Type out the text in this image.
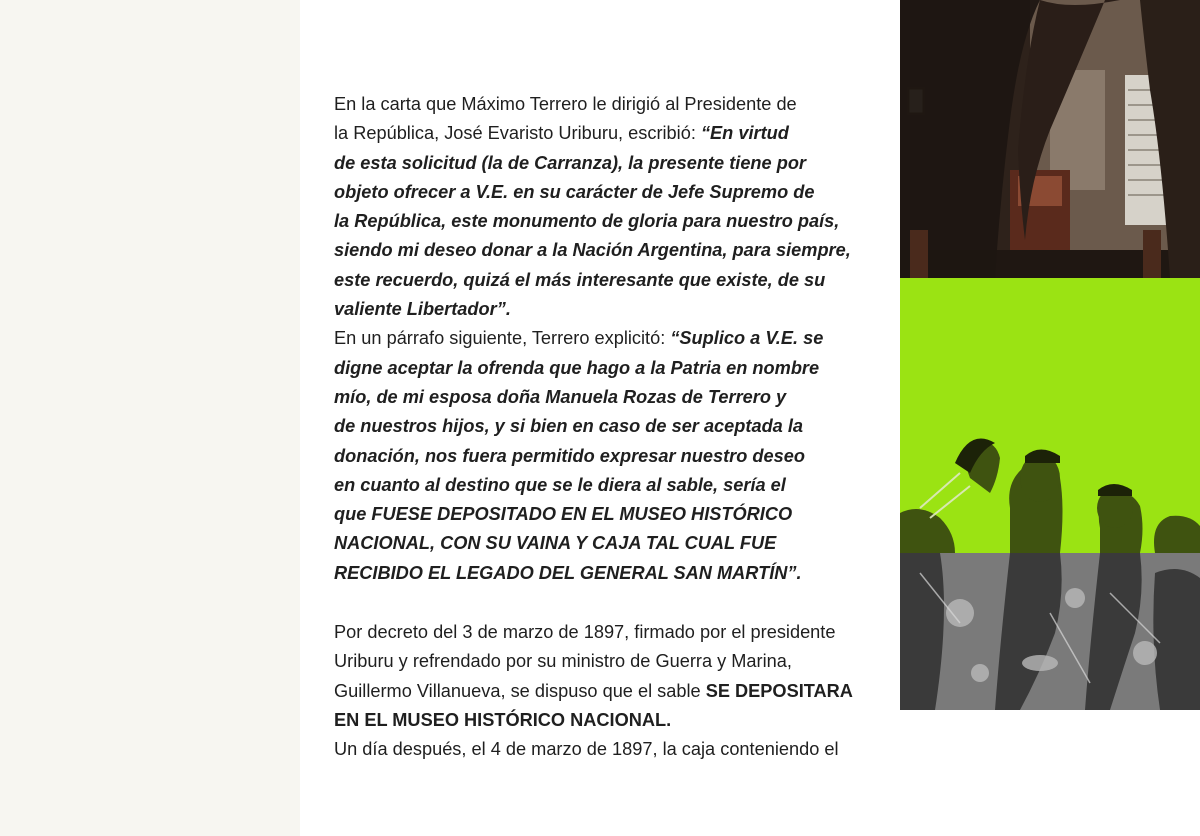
En la carta que Máximo Terrero le dirigió al Presidente de

la República, José Evaristo Uriburu, escribió: “En virtud

de esta solicitud (la de Carranza), la presente tiene por

objeto ofrecer a V.E. en su carácter de Jefe Supremo de

la República, este monumento de gloria para nuestro país,

siendo mi deseo donar a la Nación Argentina, para siempre,

este recuerdo, quizá el más interesante que existe, de su

valiente Libertador”.

En un párrafo siguiente, Terrero explicitó: “Suplico a V.E. se

digne aceptar la ofrenda que hago a la Patria en nombre

mío, de mi esposa doña Manuela Rozas de Terrero y

de nuestros hijos, y si bien en caso de ser aceptada la

donación, nos fuera permitido expresar nuestro deseo

en cuanto al destino que se le diera al sable, sería el

que FUESE DEPOSITADO EN EL MUSEO HISTÓRICO

NACIONAL, CON SU VAINA Y CAJA TAL CUAL FUE

RECIBIDO EL LEGADO DEL GENERAL SAN MARTÍN”.

Por decreto del 3 de marzo de 1897, firmado por el presidente

Uriburu y refrendado por su ministro de Guerra y Marina,

Guillermo Villanueva, se dispuso que el sable SE DEPOSITARA

EN EL MUSEO HISTÓRICO NACIONAL.

Un día después, el 4 de marzo de 1897, la caja conteniendo el
